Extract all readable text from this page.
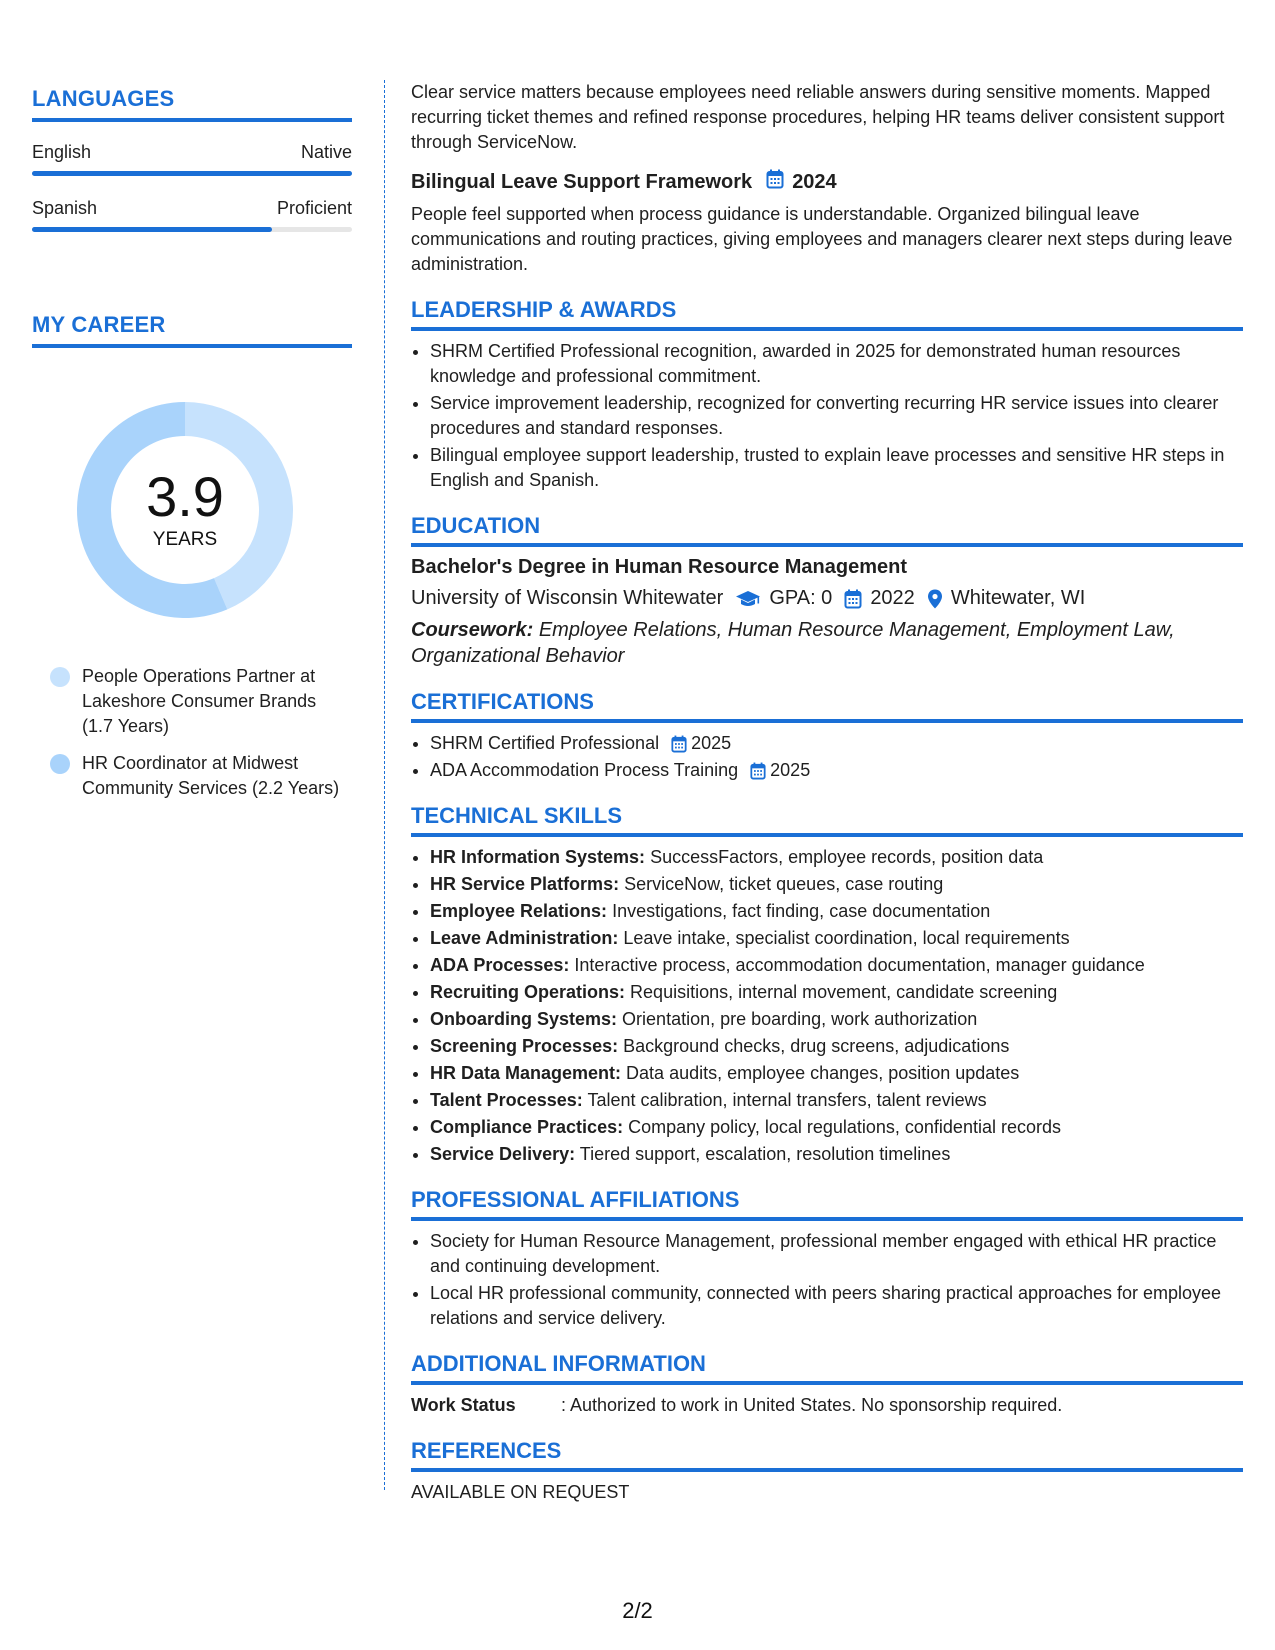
LANGUAGES
English	Native
Spanish	Proficient
MY CAREER
3.9
YEARS
People Operations Partner at Lakeshore Consumer Brands (1.7 Years)
HR Coordinator at Midwest Community Services (2.2 Years)

Clear service matters because employees need reliable answers during sensitive moments. Mapped recurring ticket themes and refined response procedures, helping HR teams deliver consistent support through ServiceNow.

Bilingual Leave Support Framework 2024

People feel supported when process guidance is understandable. Organized bilingual leave communications and routing practices, giving employees and managers clearer next steps during leave administration.

LEADERSHIP & AWARDS
• SHRM Certified Professional recognition, awarded in 2025 for demonstrated human resources knowledge and professional commitment.
• Service improvement leadership, recognized for converting recurring HR service issues into clearer procedures and standard responses.
• Bilingual employee support leadership, trusted to explain leave processes and sensitive HR steps in English and Spanish.
EDUCATION
Bachelor's Degree in Human Resource Management
University of Wisconsin Whitewater GPA: 0 2022 Whitewater, WI
Coursework: Employee Relations, Human Resource Management, Employment Law, Organizational Behavior
CERTIFICATIONS
• SHRM Certified Professional 2025
• ADA Accommodation Process Training 2025
TECHNICAL SKILLS
• HR Information Systems: SuccessFactors, employee records, position data
• HR Service Platforms: ServiceNow, ticket queues, case routing
• Employee Relations: Investigations, fact finding, case documentation
• Leave Administration: Leave intake, specialist coordination, local requirements
• ADA Processes: Interactive process, accommodation documentation, manager guidance
• Recruiting Operations: Requisitions, internal movement, candidate screening
• Onboarding Systems: Orientation, pre boarding, work authorization
• Screening Processes: Background checks, drug screens, adjudications
• HR Data Management: Data audits, employee changes, position updates
• Talent Processes: Talent calibration, internal transfers, talent reviews
• Compliance Practices: Company policy, local regulations, confidential records
• Service Delivery: Tiered support, escalation, resolution timelines
PROFESSIONAL AFFILIATIONS
• Society for Human Resource Management, professional member engaged with ethical HR practice and continuing development.
• Local HR professional community, connected with peers sharing practical approaches for employee relations and service delivery.
ADDITIONAL INFORMATION
Work Status	: Authorized to work in United States. No sponsorship required.
REFERENCES

AVAILABLE ON REQUEST

2/2
